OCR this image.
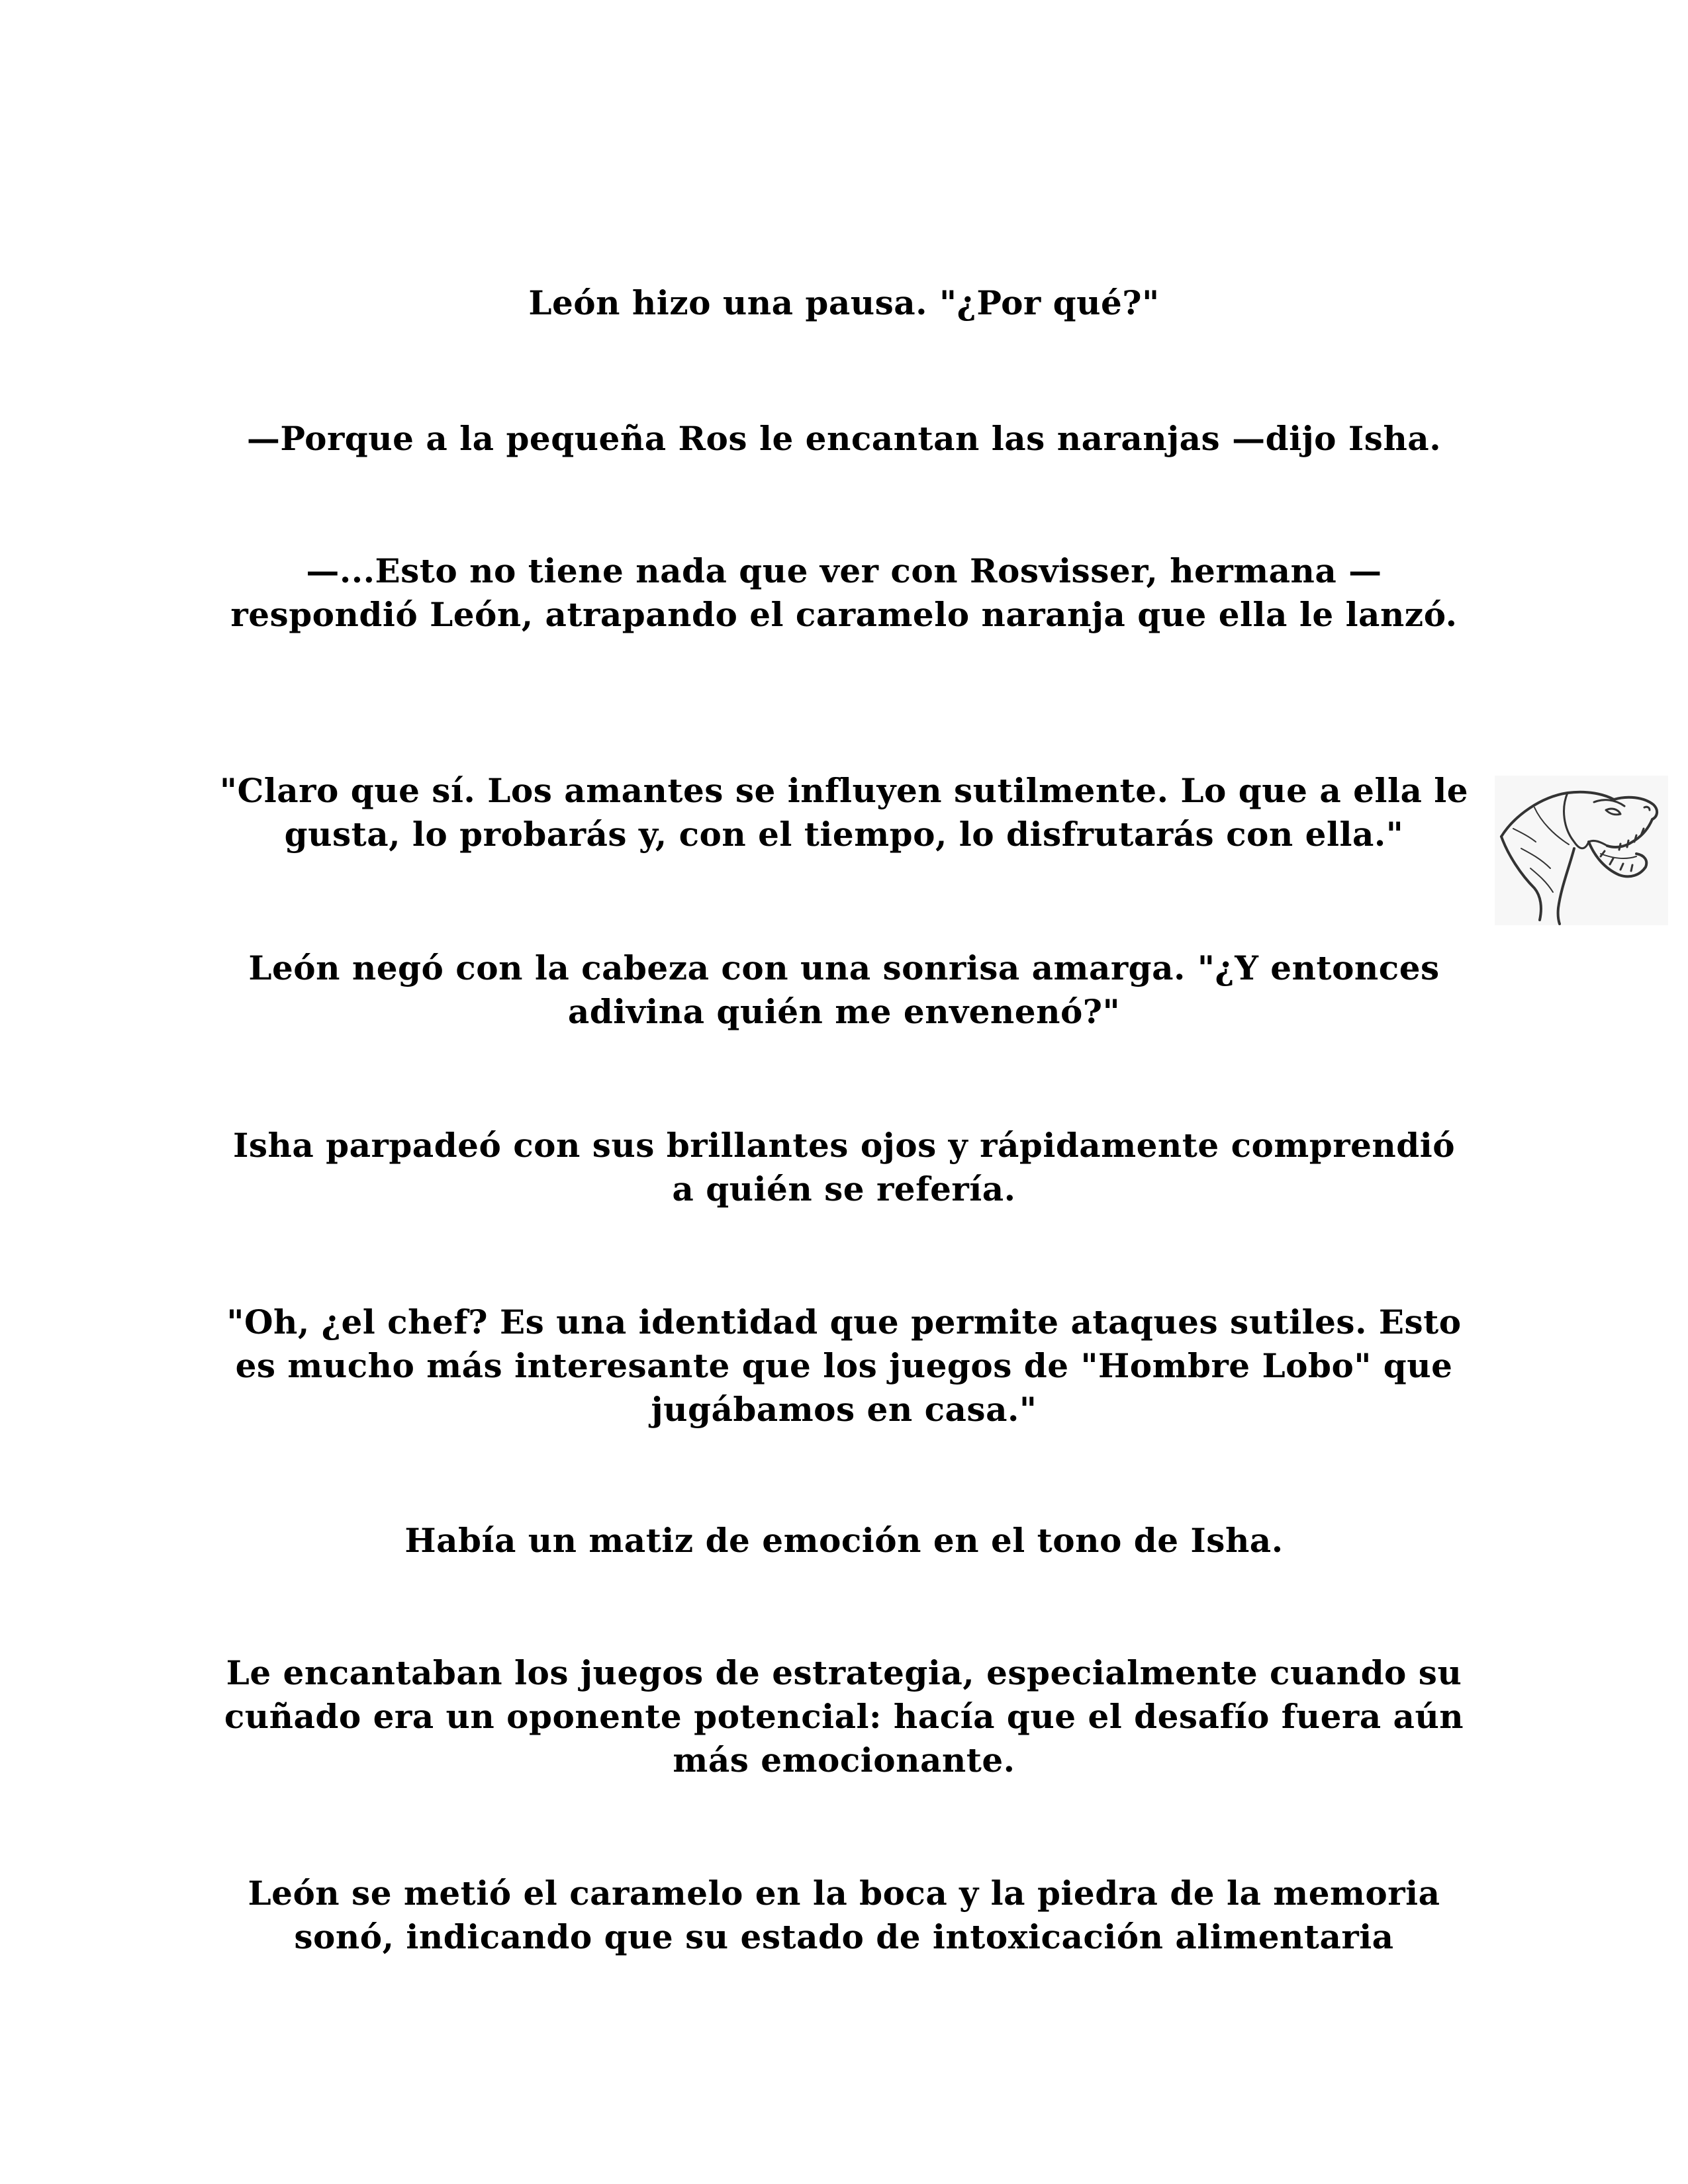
León hizo una pausa. "¿Por qué?"

—Porque a la pequeña Ros le encantan las naranjas —dijo Isha.

—...Esto no tiene nada que ver con Rosvisser, hermana —respondió León, atrapando el caramelo naranja que ella le lanzó.

"Claro que sí. Los amantes se influyen sutilmente. Lo que a ella le gusta, lo probarás y, con el tiempo, lo disfrutarás con ella."

León negó con la cabeza con una sonrisa amarga. "¿Y entonces adivina quién me envenenó?"

Isha parpadeó con sus brillantes ojos y rápidamente comprendió a quién se refería.

"Oh, ¿el chef? Es una identidad que permite ataques sutiles. Esto es mucho más interesante que los juegos de "Hombre Lobo" que jugábamos en casa."

Había un matiz de emoción en el tono de Isha.

Le encantaban los juegos de estrategia, especialmente cuando su cuñado era un oponente potencial: hacía que el desafío fuera aún más emocionante.

León se metió el caramelo en la boca y la piedra de la memoria sonó, indicando que su estado de intoxicación alimentaria
